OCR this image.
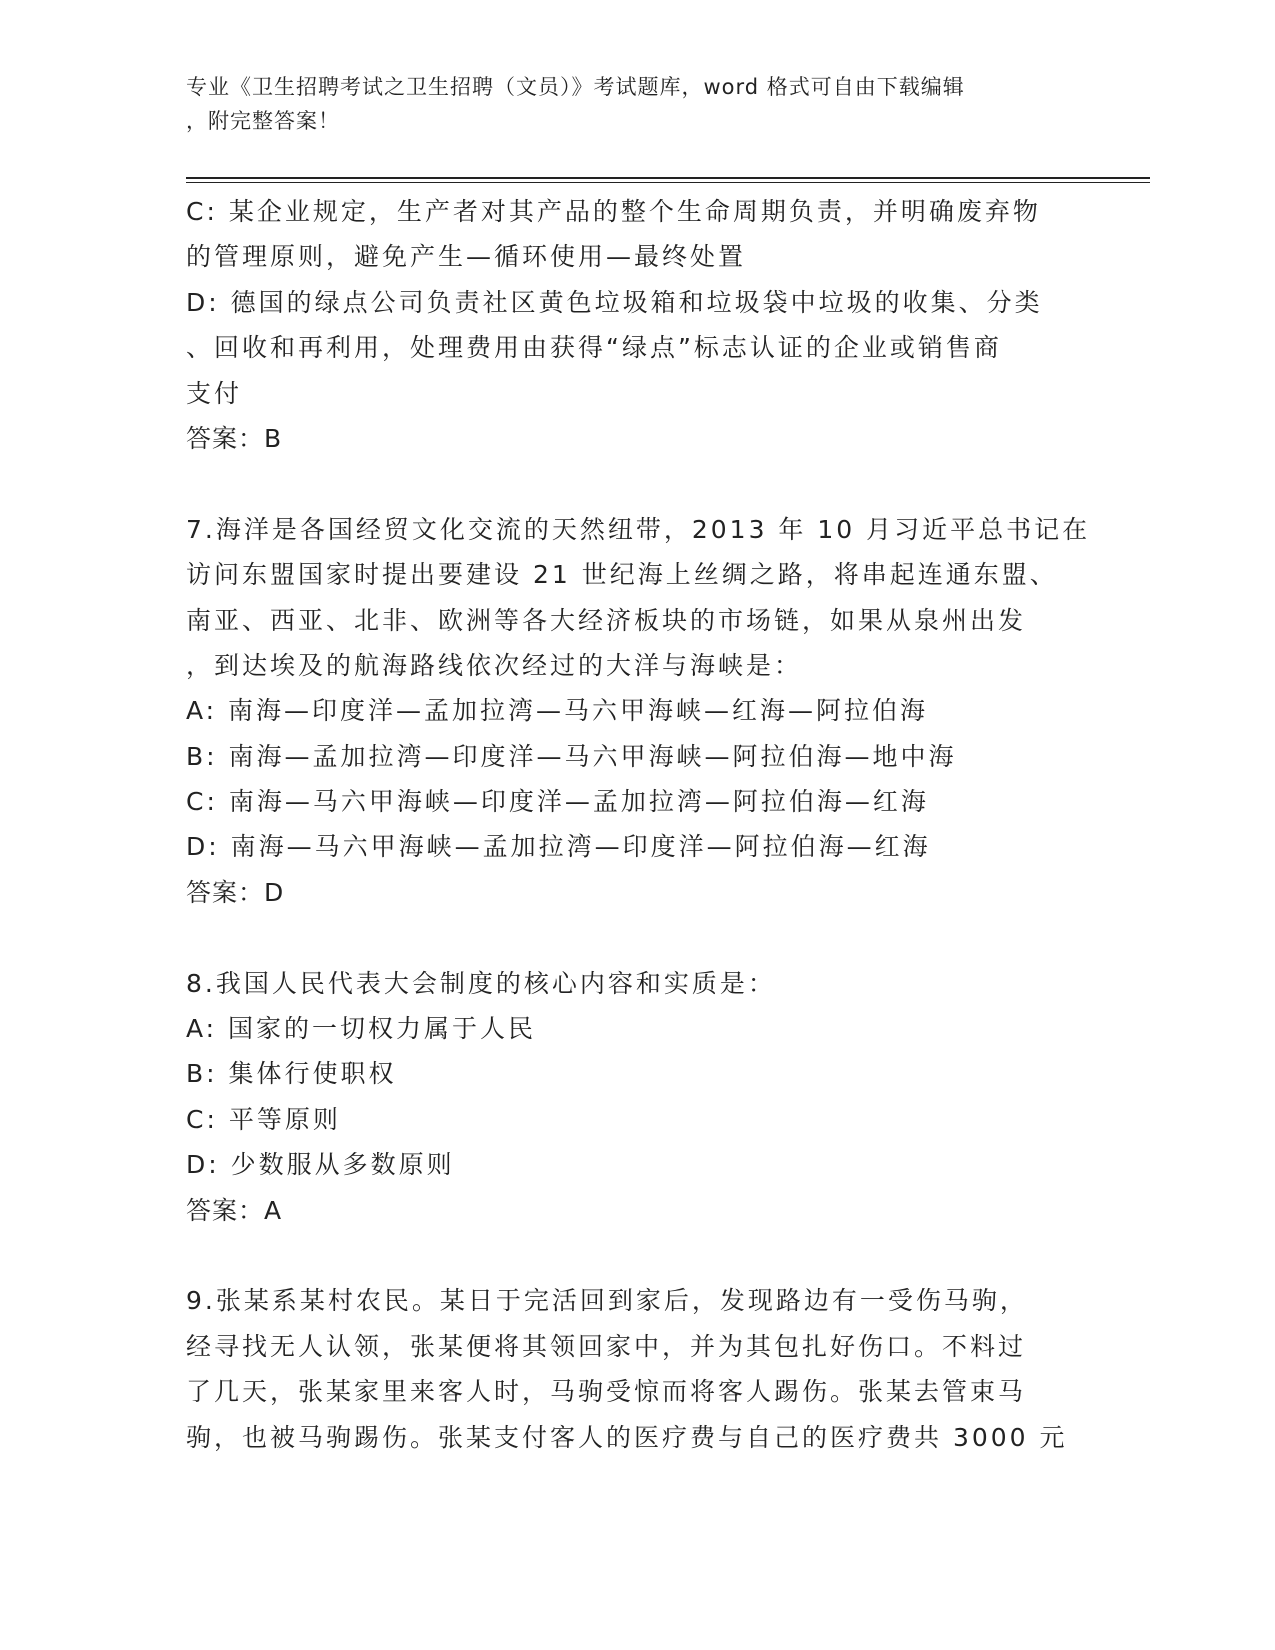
专业《卫生招聘考试之卫生招聘（文员）》考试题库，word 格式可自由下载编辑
，附完整答案！
C: 某企业规定，生产者对其产品的整个生命周期负责，并明确废弃物
的管理原则，避免产生—循环使用—最终处置
D: 德国的绿点公司负责社区黄色垃圾箱和垃圾袋中垃圾的收集、分类
、回收和再利用，处理费用由获得“绿点”标志认证的企业或销售商
支付
答案：B
7.海洋是各国经贸文化交流的天然纽带，2013 年 10 月习近平总书记在
访问东盟国家时提出要建设 21 世纪海上丝绸之路，将串起连通东盟、
南亚、西亚、北非、欧洲等各大经济板块的市场链，如果从泉州出发
，到达埃及的航海路线依次经过的大洋与海峡是：
A: 南海—印度洋—孟加拉湾—马六甲海峡—红海—阿拉伯海
B: 南海—孟加拉湾—印度洋—马六甲海峡—阿拉伯海—地中海
C: 南海—马六甲海峡—印度洋—孟加拉湾—阿拉伯海—红海
D: 南海—马六甲海峡—孟加拉湾—印度洋—阿拉伯海—红海
答案：D
8.我国人民代表大会制度的核心内容和实质是：
A: 国家的一切权力属于人民
B: 集体行使职权
C: 平等原则
D: 少数服从多数原则
答案：A
9.张某系某村农民。某日于完活回到家后，发现路边有一受伤马驹，
经寻找无人认领，张某便将其领回家中，并为其包扎好伤口。不料过
了几天，张某家里来客人时，马驹受惊而将客人踢伤。张某去管束马
驹，也被马驹踢伤。张某支付客人的医疗费与自己的医疗费共 3000 元
